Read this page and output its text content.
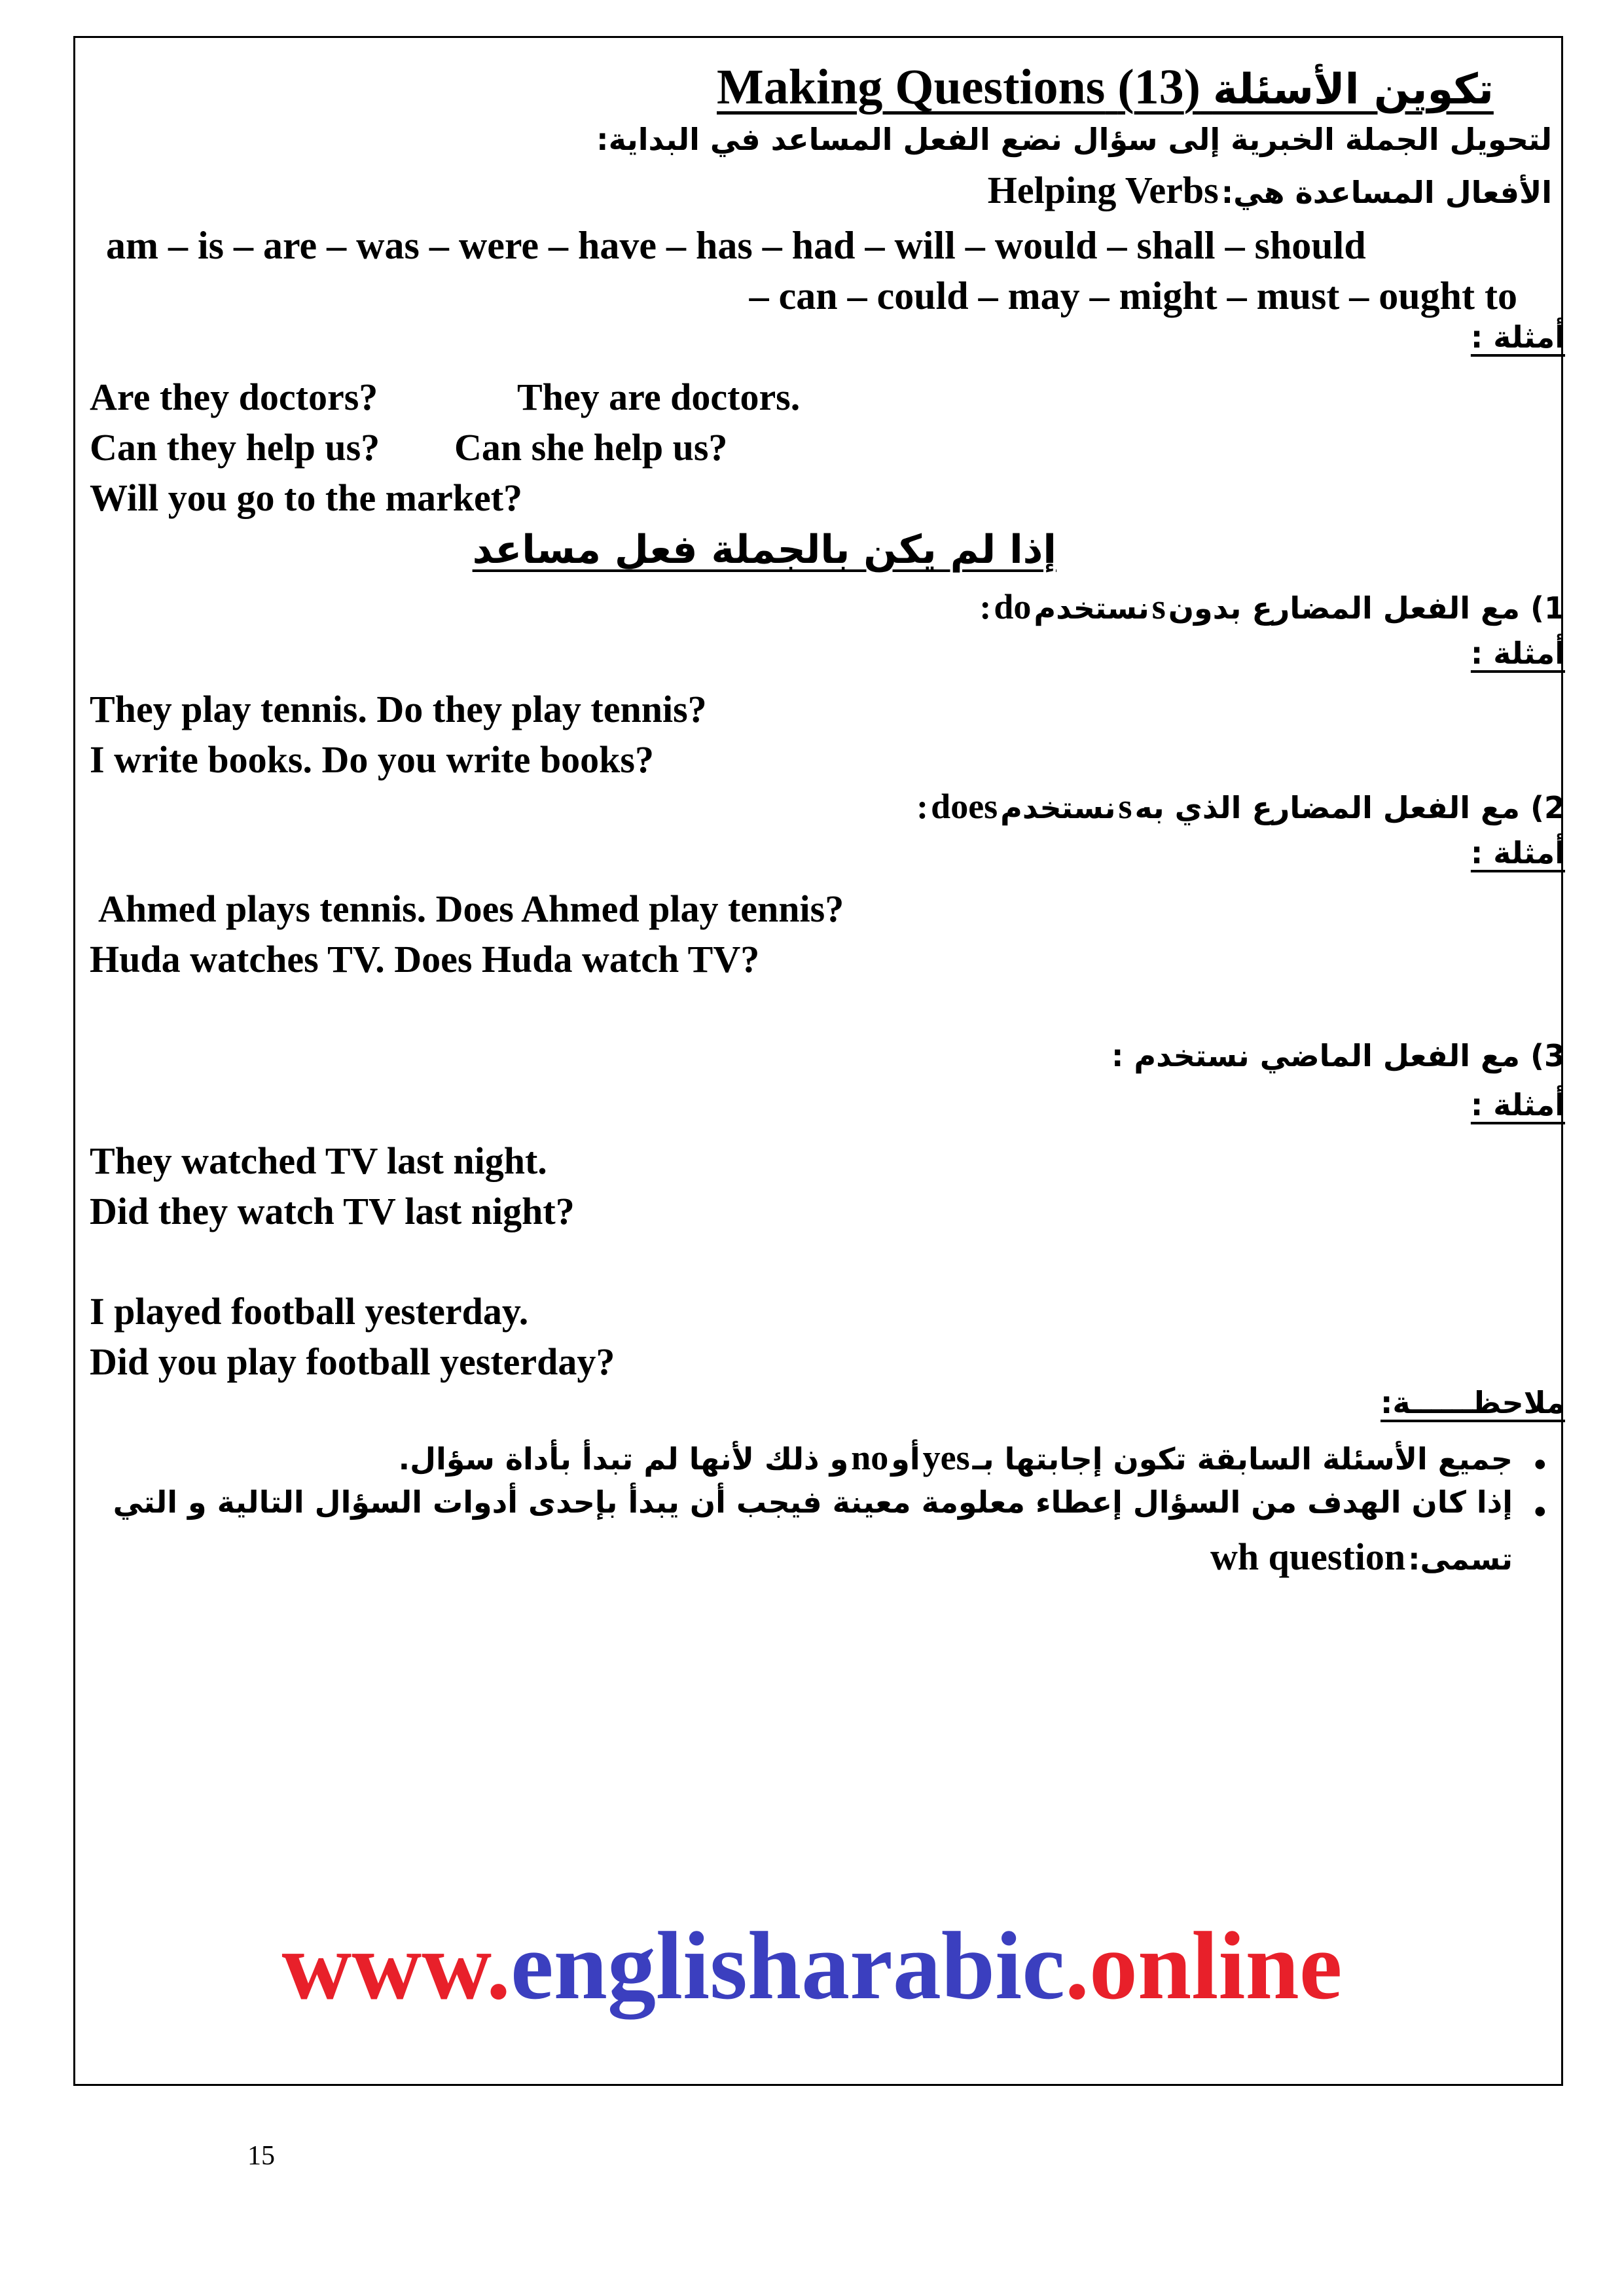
Making Questions	تكوين الأسئلة (13)
لتحويل الجملة الخبرية إلى سؤال نضع الفعل المساعد في البداية:
الأفعال المساعدة هي: Helping Verbs
am – is – are – was – were – have – has – had – will – would – shall – should
– can – could – may – might – must – ought to
أمثلة :
Are they doctors?	They are doctors.
Can they help us? Can she help us?
Will you go to the market?
إذا لم يكن بالجملة فعل مساعد
1) مع الفعل المضارع بدون s نستخدم do :
أمثلة :
They play tennis. Do they play tennis?
I write books. Do you write books?
2) مع الفعل المضارع الذي به s نستخدم does :
أمثلة :
Ahmed plays tennis. Does Ahmed play tennis?
Huda watches TV. Does Huda watch TV?
3) مع الفعل الماضي نستخدم :
أمثلة :
They watched TV last night.
Did they watch TV last night?
I played football yesterday.
Did you play football yesterday?
ملاحظــــــة:
●
جميع الأسئلة السابقة تكون إجابتها بـ yes أو no و ذلك لأنها لم تبدأ بأداة سؤال.
●
إذا كان الهدف من السؤال إعطاء معلومة معينة فيجب أن يبدأ بإحدى أدوات السؤال التالية و التي
تسمى: wh question
www.englisharabic.online
15
